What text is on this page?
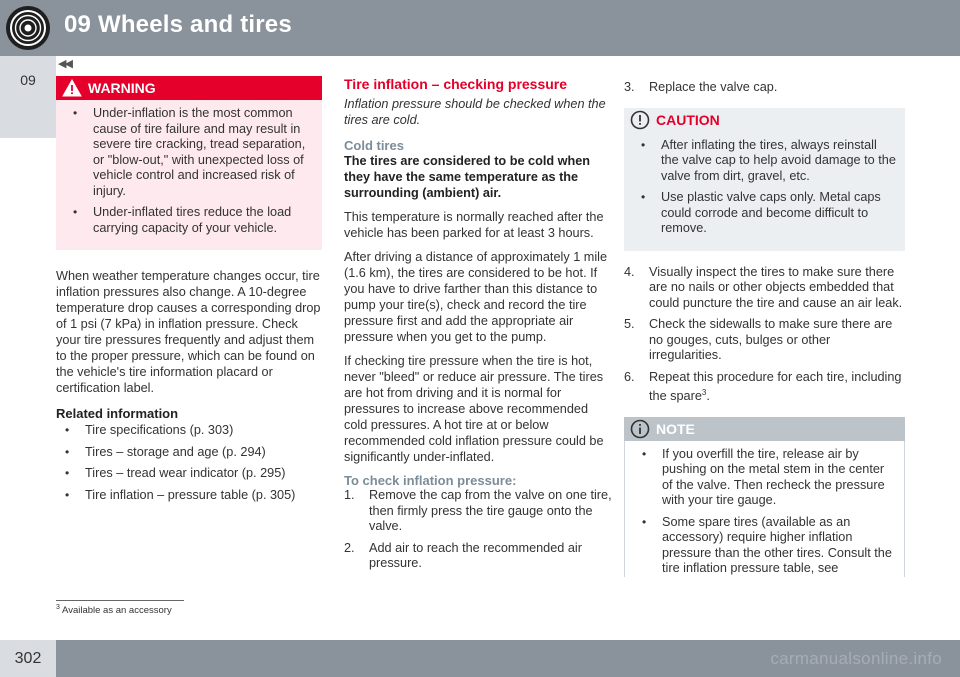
09 Wheels and tires
09
◀◀
WARNING
• Under-inflation is the most common cause of tire failure and may result in severe tire cracking, tread separation, or "blow-out," with unexpected loss of vehicle control and increased risk of injury.
• Under-inflated tires reduce the load carrying capacity of your vehicle.

When weather temperature changes occur, tire inflation pressures also change. A 10-degree temperature drop causes a corresponding drop of 1 psi (7 kPa) in inflation pressure. Check your tire pressures frequently and adjust them to the proper pressure, which can be found on the vehicle's tire information placard or certification label.

Related information
• Tire specifications (p. 303)
• Tires – storage and age (p. 294)
• Tires – tread wear indicator (p. 295)
• Tire inflation – pressure table (p. 305)
Tire inflation – checking pressure

Inflation pressure should be checked when the tires are cold.

Cold tires

The tires are considered to be cold when they have the same temperature as the surrounding (ambient) air.

This temperature is normally reached after the vehicle has been parked for at least 3 hours.

After driving a distance of approximately 1 mile (1.6 km), the tires are considered to be hot. If you have to drive farther than this distance to pump your tire(s), check and record the tire pressure first and add the appropriate air pressure when you get to the pump.

If checking tire pressure when the tire is hot, never "bleed" or reduce air pressure. The tires are hot from driving and it is normal for pressures to increase above recommended cold pressures. A hot tire at or below recommended cold inflation pressure could be significantly under-inflated.

To check inflation pressure:
1. Remove the cap from the valve on one tire, then firmly press the tire gauge onto the valve.
2. Add air to reach the recommended air pressure.
3. Replace the valve cap.
CAUTION
• After inflating the tires, always reinstall the valve cap to help avoid damage to the valve from dirt, gravel, etc.
• Use plastic valve caps only. Metal caps could corrode and become difficult to remove.
4. Visually inspect the tires to make sure there are no nails or other objects embedded that could puncture the tire and cause an air leak.
5. Check the sidewalls to make sure there are no gouges, cuts, bulges or other irregularities.
6. Repeat this procedure for each tire, including the spare$^3$.
NOTE
• If you overfill the tire, release air by pushing on the metal stem in the center of the valve. Then recheck the pressure with your tire gauge.
• Some spare tires (available as an accessory) require higher inflation pressure than the other tires. Consult the tire inflation pressure table, see
$^3$ Available as an accessory
302	carmanualsonline.info
